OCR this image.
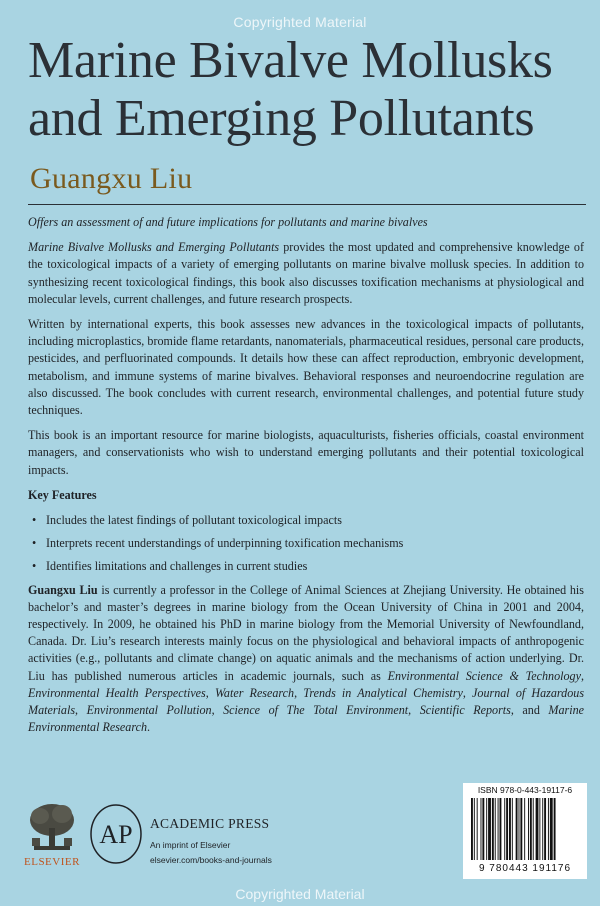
Copyrighted Material
Marine Bivalve Mollusks
and Emerging Pollutants
Guangxu Liu

Offers an assessment of and future implications for pollutants and marine bivalves

Marine Bivalve Mollusks and Emerging Pollutants provides the most updated and comprehensive knowledge of the toxicological impacts of a variety of emerging pollutants on marine bivalve mollusk species. In addition to synthesizing recent toxicological findings, this book also discusses toxification mechanisms at physiological and molecular levels, current challenges, and future research prospects.

Written by international experts, this book assesses new advances in the toxicological impacts of pollutants, including microplastics, bromide flame retardants, nanomaterials, pharmaceutical residues, personal care products, pesticides, and perfluorinated compounds. It details how these can affect reproduction, embryonic development, metabolism, and immune systems of marine bivalves. Behavioral responses and neuroendocrine regulation are also discussed. The book concludes with current research, environmental challenges, and potential future study techniques.

This book is an important resource for marine biologists, aquaculturists, fisheries officials, coastal environment managers, and conservationists who wish to understand emerging pollutants and their potential toxicological impacts.

Key Features

• Includes the latest findings of pollutant toxicological impacts
• Interprets recent understandings of underpinning toxification mechanisms
• Identifies limitations and challenges in current studies

Guangxu Liu is currently a professor in the College of Animal Sciences at Zhejiang University. He obtained his bachelor’s and master’s degrees in marine biology from the Ocean University of China in 2001 and 2004, respectively. In 2009, he obtained his PhD in marine biology from the Memorial University of Newfoundland, Canada. Dr. Liu’s research interests mainly focus on the physiological and behavioral impacts of anthropogenic activities (e.g., pollutants and climate change) on aquatic animals and the mechanisms of action underlying. Dr. Liu has published numerous articles in academic journals, such as Environmental Science & Technology, Environmental Health Perspectives, Water Research, Trends in Analytical Chemistry, Journal of Hazardous Materials, Environmental Pollution, Science of The Total Environment, Scientific Reports, and Marine Environmental Research.

ELSEVIER
AP ACADEMIC PRESS
An imprint of Elsevier
elsevier.com/books-and-journals
ISBN 978-0-443-19117-6
9 780443 191176
Copyrighted Material
